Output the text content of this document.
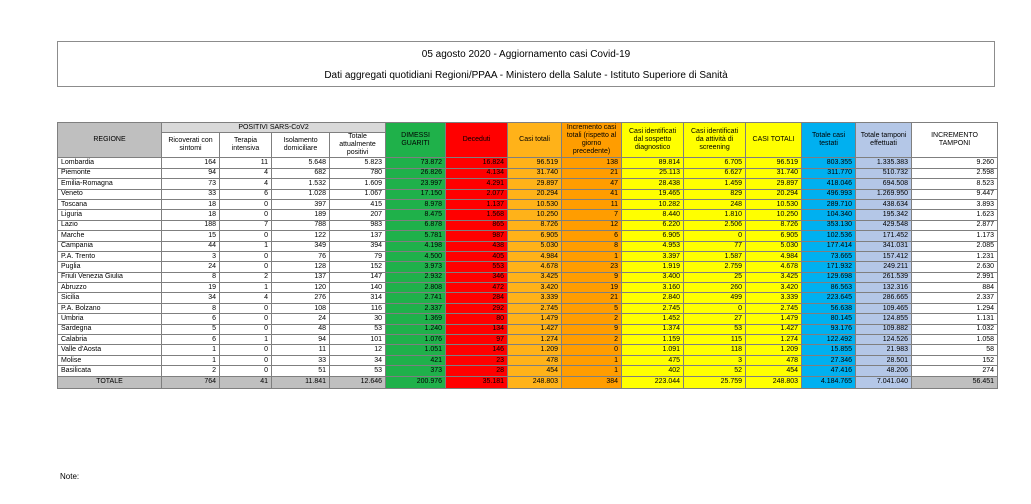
05 agosto 2020 - Aggiornamento casi Covid-19
Dati aggregati quotidiani Regioni/PPAA - Ministero della Salute - Istituto Superiore di Sanità
REGIONE	POSITIVI SARS-CoV2				DIMESSI GUARITI	Deceduti	Casi totali	Incremento casi totali (rispetto al giorno precedente)	Casi identificati dal sospetto diagnostico	Casi identificati da attività di screening	CASI TOTALI	Totale casi testati	Totale tamponi effettuati	INCREMENTO TAMPONI
	Ricoverati con sintomi	Terapia intensiva	Isolamento domiciliare	Totale attualmente positivi										
Lombardia	164	11	5.648	5.823	73.872	16.824	96.519	138	89.814	6.705	96.519	803.355	1.335.383	9.260
Piemonte	94	4	682	780	26.826	4.134	31.740	21	25.113	6.627	31.740	311.770	510.732	2.598
Emilia-Romagna	73	4	1.532	1.609	23.997	4.291	29.897	47	28.438	1.459	29.897	418.046	694.508	8.523
Veneto	33	6	1.028	1.067	17.150	2.077	20.294	41	19.465	829	20.294	496.993	1.269.950	9.447
Toscana	18	0	397	415	8.978	1.137	10.530	11	10.282	248	10.530	289.710	438.634	3.893
Liguria	18	0	189	207	8.475	1.568	10.250	7	8.440	1.810	10.250	104.340	195.342	1.623
Lazio	188	7	788	983	6.878	865	8.726	12	6.220	2.506	8.726	353.130	429.548	2.877
Marche	15	0	122	137	5.781	987	6.905	6	6.905	0	6.905	102.536	171.452	1.173
Campania	44	1	349	394	4.198	438	5.030	8	4.953	77	5.030	177.414	341.031	2.085
P.A. Trento	3	0	76	79	4.500	405	4.984	1	3.397	1.587	4.984	73.665	157.412	1.231
Puglia	24	0	128	152	3.973	553	4.678	23	1.919	2.759	4.678	171.932	249.211	2.630
Friuli Venezia Giulia	8	2	137	147	2.932	346	3.425	9	3.400	25	3.425	129.698	261.539	2.991
Abruzzo	19	1	120	140	2.808	472	3.420	19	3.160	260	3.420	86.563	132.316	884
Sicilia	34	4	276	314	2.741	284	3.339	21	2.840	499	3.339	223.645	286.665	2.337
P.A. Bolzano	8	0	108	116	2.337	292	2.745	5	2.745	0	2.745	56.638	109.465	1.294
Umbria	6	0	24	30	1.369	80	1.479	2	1.452	27	1.479	80.145	124.855	1.131
Sardegna	5	0	48	53	1.240	134	1.427	9	1.374	53	1.427	93.176	109.882	1.032
Calabria	6	1	94	101	1.076	97	1.274	2	1.159	115	1.274	122.492	124.526	1.058
Valle d'Aosta	1	0	11	12	1.051	146	1.209	0	1.091	118	1.209	15.855	21.983	58
Molise	1	0	33	34	421	23	478	1	475	3	478	27.346	28.501	152
Basilicata	2	0	51	53	373	28	454	1	402	52	454	47.416	48.206	274
TOTALE	764	41	11.841	12.646	200.976	35.181	248.803	384	223.044	25.759	248.803	4.184.765	7.041.040	56.451
Note:
